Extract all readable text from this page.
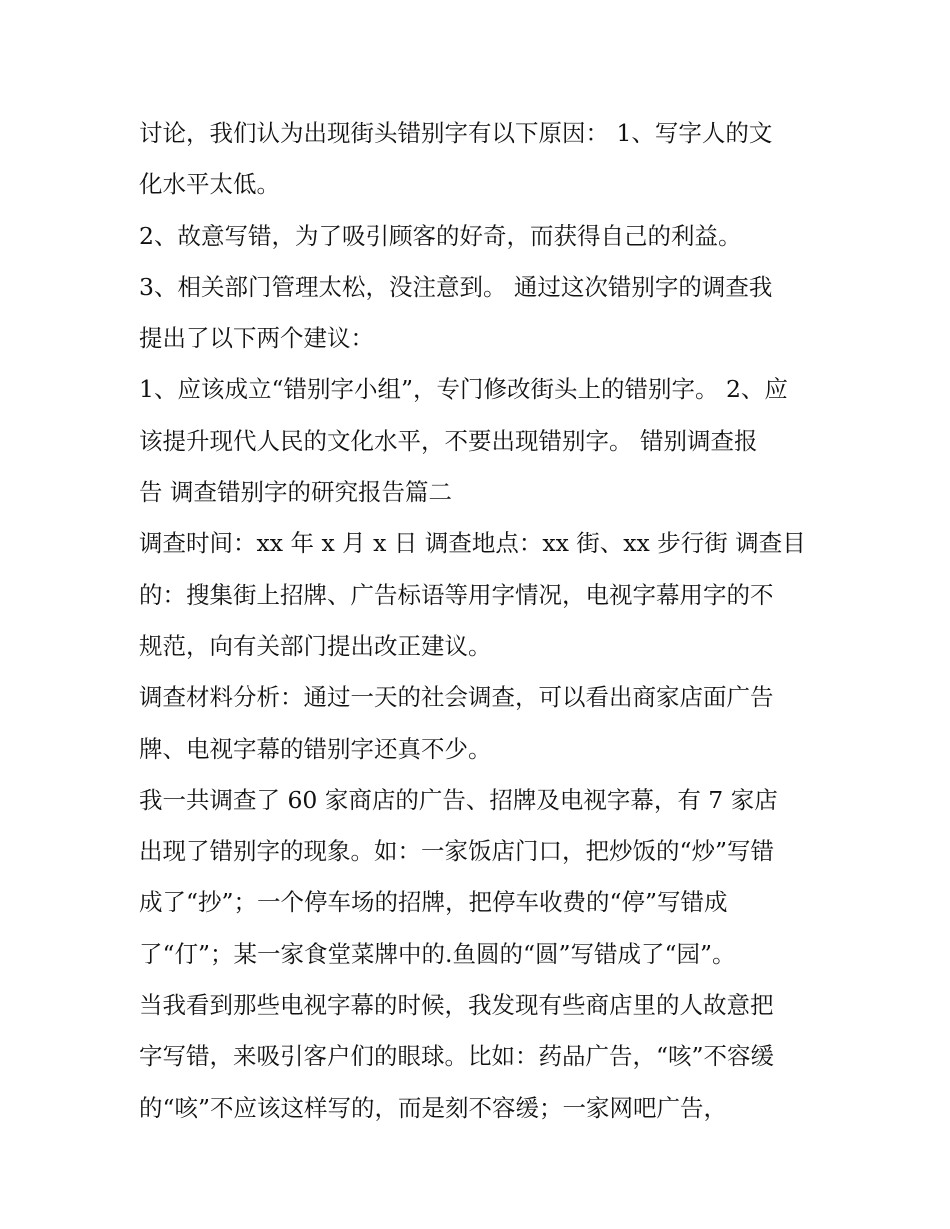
讨论，我们认为出现街头错别字有以下原因： 1、写字人的文
化水平太低。
2、故意写错，为了吸引顾客的好奇，而获得自己的利益。
3、相关部门管理太松，没注意到。 通过这次错别字的调查我
提出了以下两个建议：
1、应该成立“错别字小组”，专门修改街头上的错别字。 2、应
该提升现代人民的文化水平，不要出现错别字。 错别调查报
告 调查错别字的研究报告篇二
调查时间：xx 年 x 月 x 日 调查地点：xx 街、xx 步行街 调查目
的：搜集街上招牌、广告标语等用字情况，电视字幕用字的不
规范，向有关部门提出改正建议。
调查材料分析：通过一天的社会调查，可以看出商家店面广告
牌、电视字幕的错别字还真不少。
我一共调查了 60 家商店的广告、招牌及电视字幕，有 7 家店
出现了错别字的现象。如：一家饭店门口，把炒饭的“炒”写错
成了“抄”；一个停车场的招牌，把停车收费的“停”写错成
了“仃”；某一家食堂菜牌中的.鱼圆的“圆”写错成了“园”。
当我看到那些电视字幕的时候，我发现有些商店里的人故意把
字写错，来吸引客户们的眼球。比如：药品广告，“咳”不容缓
的“咳”不应该这样写的，而是刻不容缓；一家网吧广告，
